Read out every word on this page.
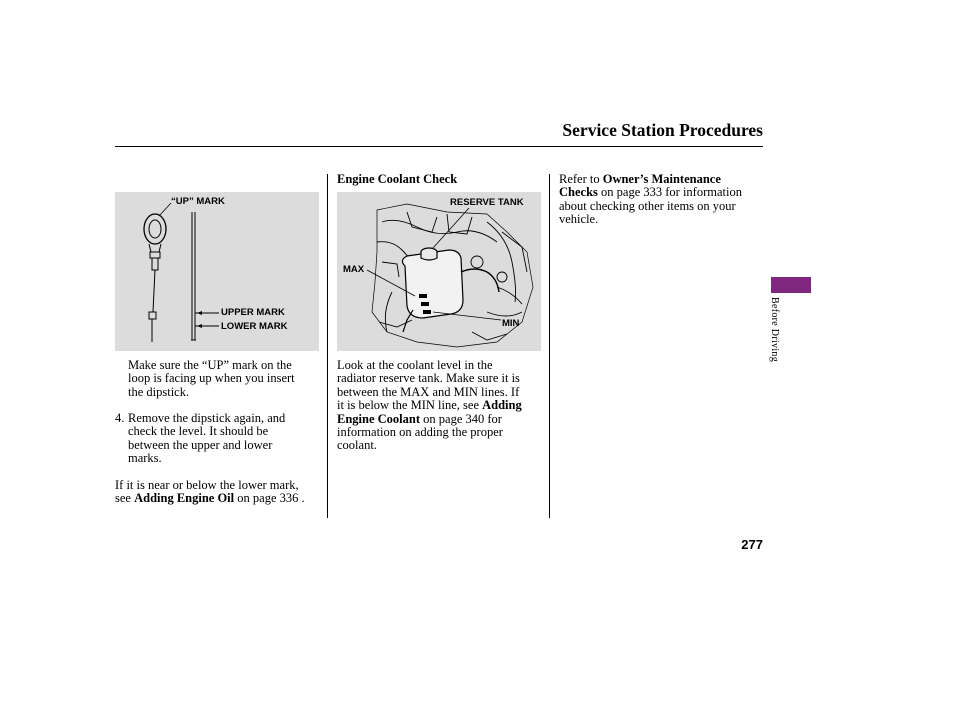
Service Station Procedures
“UP” MARK
UPPER MARK
LOWER MARK
Make sure the “UP” mark on the
loop is facing up when you insert
the dipstick.
4. Remove the dipstick again, and
check the level. It should be
between the upper and lower
marks.
If it is near or below the lower mark,
see Adding Engine Oil on page 336 .
Engine Coolant Check
RESERVE TANK
MAX
MIN
Look at the coolant level in the
radiator reserve tank. Make sure it is
between the MAX and MIN lines. If
it is below the MIN line, see Adding
Engine Coolant on page 340 for
information on adding the proper
coolant.
Refer to Owner’s Maintenance
Checks on page 333 for information
about checking other items on your
vehicle.
Before Driving
277
